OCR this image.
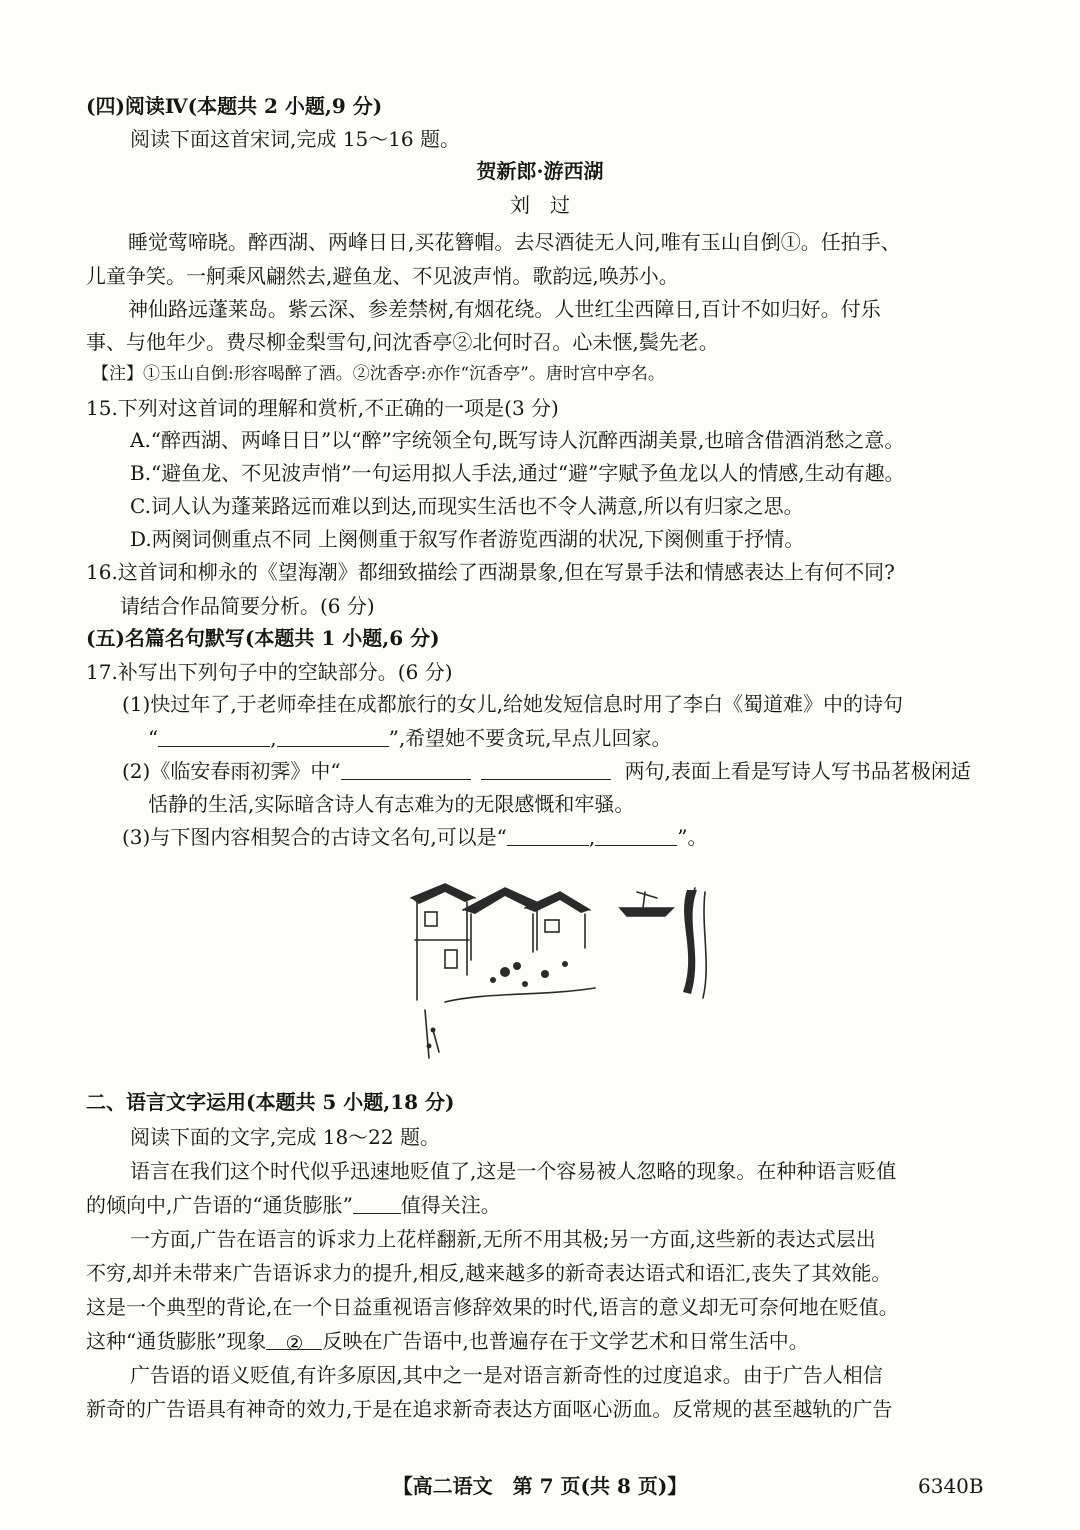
(四)阅读Ⅳ(本题共 2 小题,9 分)
阅读下面这首宋词,完成 15～16 题。
贺新郎·游西湖
刘　过
睡觉莺啼晓。醉西湖、两峰日日,买花簪帽。去尽酒徒无人问,唯有玉山自倒①。任拍手、
儿童争笑。一舸乘风翩然去,避鱼龙、不见波声悄。歌韵远,唤苏小。
神仙路远蓬莱岛。紫云深、参差禁树,有烟花绕。人世红尘西障日,百计不如归好。付乐
事、与他年少。费尽柳金梨雪句,问沈香亭②北何时召。心未惬,鬓先老。
【注】①玉山自倒:形容喝醉了酒。②沈香亭:亦作“沉香亭”。唐时宫中亭名。
15.下列对这首词的理解和赏析,不正确的一项是(3 分)
A.“醉西湖、两峰日日”以“醉”字统领全句,既写诗人沉醉西湖美景,也暗含借酒消愁之意。
B.“避鱼龙、不见波声悄”一句运用拟人手法,通过“避”字赋予鱼龙以人的情感,生动有趣。
C.词人认为蓬莱路远而难以到达,而现实生活也不令人满意,所以有归家之思。
D.两阕词侧重点不同 上阕侧重于叙写作者游览西湖的状况,下阕侧重于抒情。
16.这首词和柳永的《望海潮》都细致描绘了西湖景象,但在写景手法和情感表达上有何不同?
请结合作品简要分析。(6 分)
(五)名篇名句默写(本题共 1 小题,6 分)
17.补写出下列句子中的空缺部分。(6 分)
(1)快过年了,于老师牵挂在成都旅行的女儿,给她发短信息时用了李白《蜀道难》中的诗句
“	,	”,希望她不要贪玩,早点儿回家。
(2)《临安春雨初霁》中“	两句,表面上看是写诗人写书品茗极闲适
恬静的生活,实际暗含诗人有志难为的无限感慨和牢骚。
(3)与下图内容相契合的古诗文名句,可以是“	,	”。
二、语言文字运用(本题共 5 小题,18 分)
阅读下面的文字,完成 18～22 题。
语言在我们这个时代似乎迅速地贬值了,这是一个容易被人忽略的现象。在种种语言贬值
的倾向中,广告语的“通货膨胀” 值得关注。
一方面,广告在语言的诉求力上花样翻新,无所不用其极;另一方面,这些新的表达式层出
不穷,却并未带来广告语诉求力的提升,相反,越来越多的新奇表达语式和语汇,丧失了其效能。
这是一个典型的背论,在一个日益重视语言修辞效果的时代,语言的意义却无可奈何地在贬值。
这种“通货膨胀”现象 ② 反映在广告语中,也普遍存在于文学艺术和日常生活中。
广告语的语义贬值,有许多原因,其中之一是对语言新奇性的过度追求。由于广告人相信
新奇的广告语具有神奇的效力,于是在追求新奇表达方面呕心沥血。反常规的甚至越轨的广告
【高二语文　第 7 页(共 8 页)】	6340B
